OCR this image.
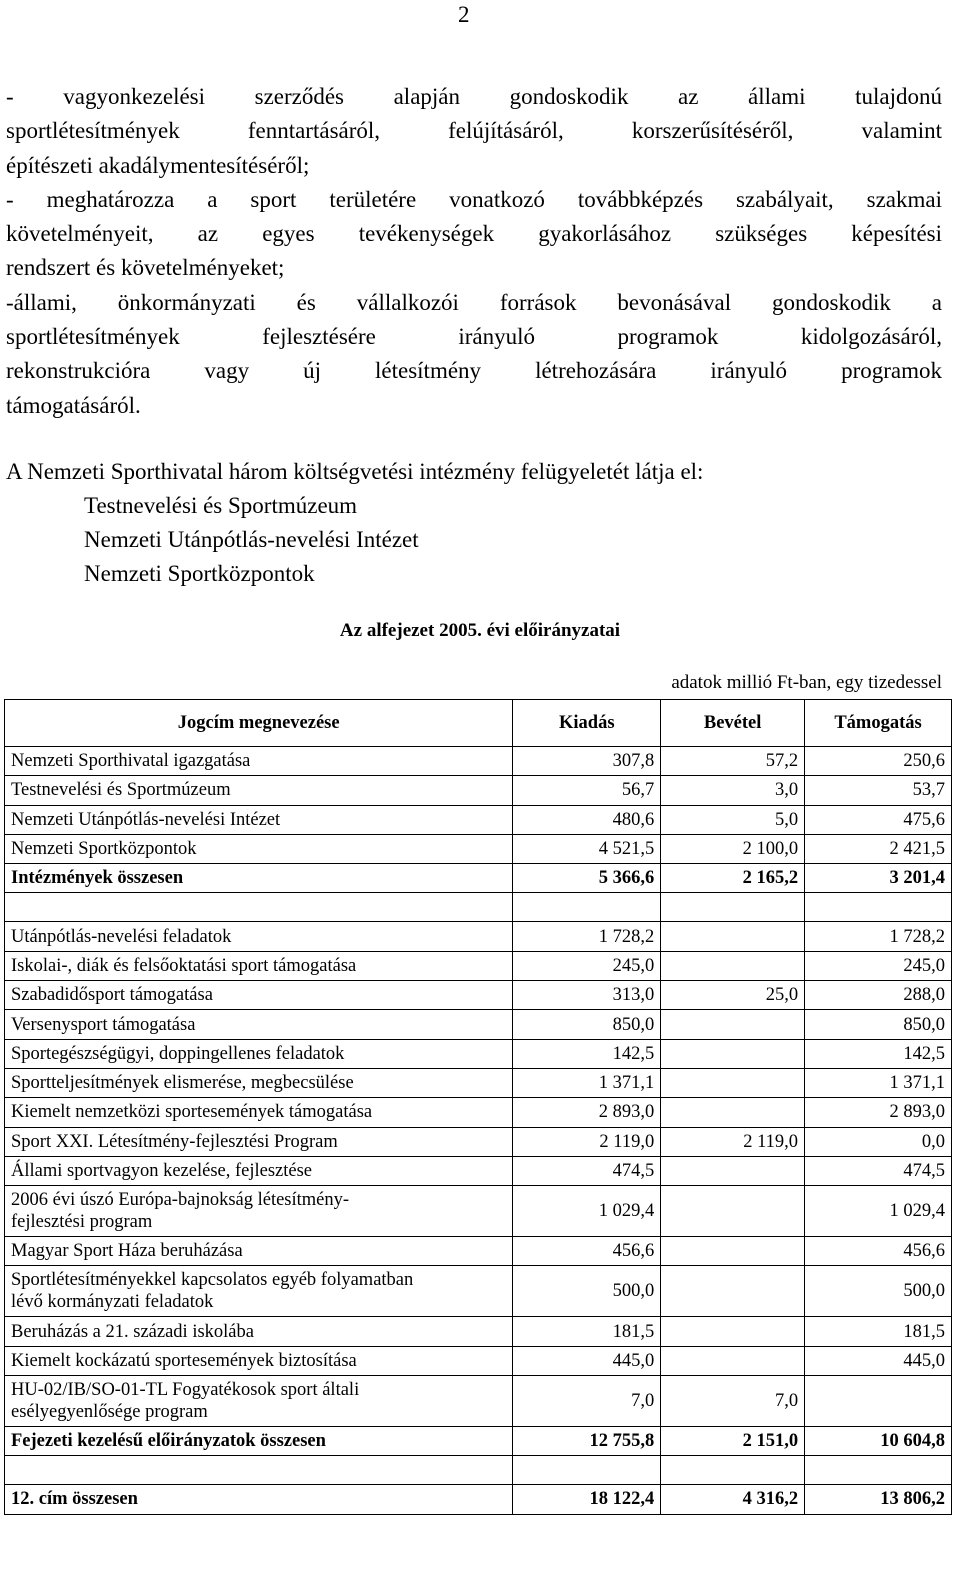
2
- vagyonkezelési szerződés alapján gondoskodik az állami tulajdonú
sportlétesítmények fenntartásáról, felújításáról, korszerűsítéséről, valamint
építészeti akadálymentesítéséről;
- meghatározza a sport területére vonatkozó továbbképzés szabályait, szakmai
követelményeit, az egyes tevékenységek gyakorlásához szükséges képesítési
rendszert és követelményeket;
-állami, önkormányzati és vállalkozói források bevonásával gondoskodik a
sportlétesítmények fejlesztésére irányuló programok kidolgozásáról,
rekonstrukcióra vagy új létesítmény létrehozására irányuló programok
támogatásáról.
A Nemzeti Sporthivatal három költségvetési intézmény felügyeletét látja el:
Testnevelési és Sportmúzeum
Nemzeti Utánpótlás-nevelési Intézet
Nemzeti Sportközpontok
Az alfejezet 2005. évi előirányzatai
adatok millió Ft-ban, egy tizedessel
Jogcím megnevezése	Kiadás	Bevétel	Támogatás
Nemzeti Sporthivatal igazgatása	307,8	57,2	250,6
Testnevelési és Sportmúzeum	56,7	3,0	53,7
Nemzeti Utánpótlás-nevelési Intézet	480,6	5,0	475,6
Nemzeti Sportközpontok	4 521,5	2 100,0	2 421,5
Intézmények összesen	5 366,6	2 165,2	3 201,4

Utánpótlás-nevelési feladatok	1 728,2		1 728,2
Iskolai-, diák és felsőoktatási sport támogatása	245,0		245,0
Szabadidősport támogatása	313,0	25,0	288,0
Versenysport támogatása	850,0		850,0
Sportegészségügyi, doppingellenes feladatok	142,5		142,5
Sportteljesítmények elismerése, megbecsülése	1 371,1		1 371,1
Kiemelt nemzetközi sportesemények támogatása	2 893,0		2 893,0
Sport XXI. Létesítmény-fejlesztési Program	2 119,0	2 119,0	0,0
Állami sportvagyon kezelése, fejlesztése	474,5		474,5

2006 évi úszó Európa-bajnokság létesítmény-
fejlesztési program	1 029,4		1 029,4
Magyar Sport Háza beruházása	456,6		456,6

Sportlétesítményekkel kapcsolatos egyéb folyamatban
lévő kormányzati feladatok	500,0		500,0
Beruházás a 21. századi iskolába	181,5		181,5
Kiemelt kockázatú sportesemények biztosítása	445,0		445,0

HU-02/IB/SO-01-TL Fogyatékosok sport általi
esélyegyenlősége program	7,0	7,0	
Fejezeti kezelésű előirányzatok összesen	12 755,8	2 151,0	10 604,8

12. cím összesen	18 122,4	4 316,2	13 806,2
